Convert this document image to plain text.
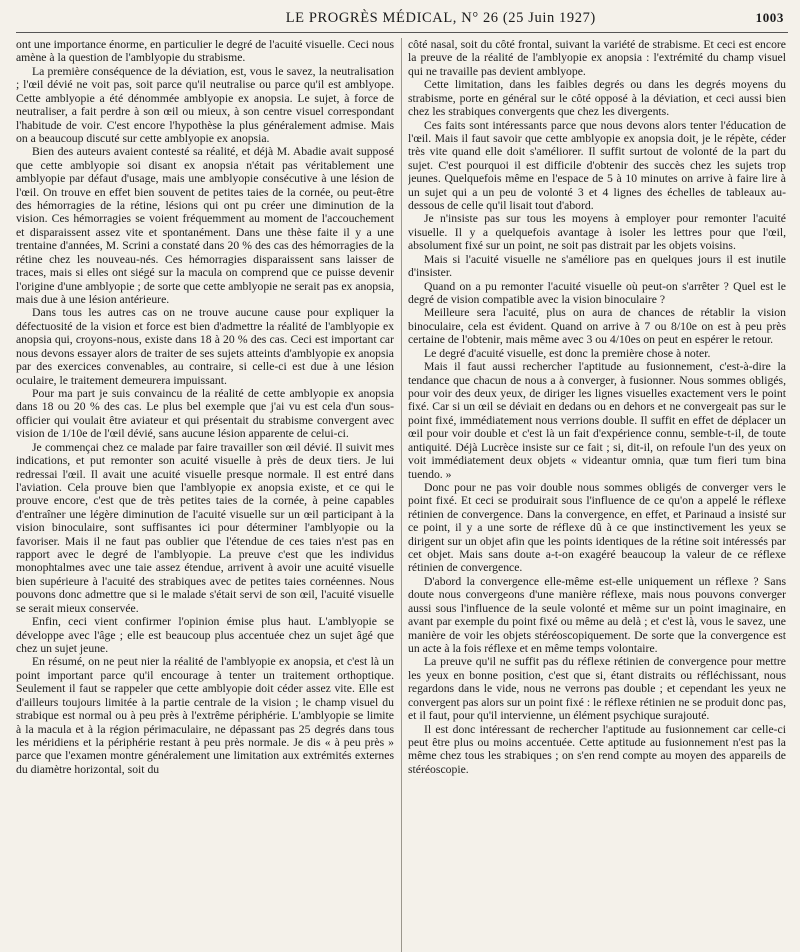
LE PROGRÈS MÉDICAL, N° 26 (25 Juin 1927)	1003

ont une importance énorme, en particulier le degré de l'acuité visuelle. Ceci nous amène à la question de l'amblyopie du strabisme.

La première conséquence de la déviation, est, vous le savez, la neutralisation ; l'œil dévié ne voit pas, soit parce qu'il neutralise ou parce qu'il est amblyope. Cette amblyopie a été dénommée amblyopie ex anopsia. Le sujet, à force de neutraliser, a fait perdre à son œil ou mieux, à son centre visuel correspondant l'habitude de voir. C'est encore l'hypothèse la plus généralement admise. Mais on a beaucoup discuté sur cette amblyopie ex anopsia.

Bien des auteurs avaient contesté sa réalité, et déjà M. Abadie avait supposé que cette amblyopie soi disant ex anopsia n'était pas véritablement une amblyopie par défaut d'usage, mais une amblyopie consécutive à une lésion de l'œil. On trouve en effet bien souvent de petites taies de la cornée, ou peut-être des hémorragies de la rétine, lésions qui ont pu créer une diminution de la vision. Ces hémorragies se voient fréquemment au moment de l'accouchement et disparaissent assez vite et spontanément. Dans une thèse faite il y a une trentaine d'années, M. Scrini a constaté dans 20 % des cas des hémorragies de la rétine chez les nouveau-nés. Ces hémorragies disparaissent sans laisser de traces, mais si elles ont siégé sur la macula on comprend que ce puisse devenir l'origine d'une amblyopie ; de sorte que cette amblyopie ne serait pas ex anopsia, mais due à une lésion antérieure.

Dans tous les autres cas on ne trouve aucune cause pour expliquer la défectuosité de la vision et force est bien d'admettre la réalité de l'amblyopie ex anopsia qui, croyons-nous, existe dans 18 à 20 % des cas. Ceci est important car nous devons essayer alors de traiter de ses sujets atteints d'amblyopie ex anopsia par des exercices convenables, au contraire, si celle-ci est due à une lésion oculaire, le traitement demeurera impuissant.

Pour ma part je suis convaincu de la réalité de cette amblyopie ex anopsia dans 18 ou 20 % des cas. Le plus bel exemple que j'ai vu est cela d'un sous-officier qui voulait être aviateur et qui présentait du strabisme convergent avec vision de 1/10e de l'œil dévié, sans aucune lésion apparente de celui-ci.

Je commençai chez ce malade par faire travailler son œil dévié. Il suivit mes indications, et put remonter son acuité visuelle à près de deux tiers. Je lui redressai l'œil. Il avait une acuité visuelle presque normale. Il est entré dans l'aviation. Cela prouve bien que l'amblyopie ex anopsia existe, et ce qui le prouve encore, c'est que de très petites taies de la cornée, à peine capables d'entraîner une légère diminution de l'acuité visuelle sur un œil participant à la vision binoculaire, sont suffisantes ici pour déterminer l'amblyopie ou la favoriser. Mais il ne faut pas oublier que l'étendue de ces taies n'est pas en rapport avec le degré de l'amblyopie. La preuve c'est que les individus monophtalmes avec une taie assez étendue, arrivent à avoir une acuité visuelle bien supérieure à l'acuité des strabiques avec de petites taies cornéennes. Nous pouvons donc admettre que si le malade s'était servi de son œil, l'acuité visuelle se serait mieux conservée.

Enfin, ceci vient confirmer l'opinion émise plus haut. L'amblyopie se développe avec l'âge ; elle est beaucoup plus accentuée chez un sujet âgé que chez un sujet jeune.

En résumé, on ne peut nier la réalité de l'amblyopie ex anopsia, et c'est là un point important parce qu'il encourage à tenter un traitement orthoptique. Seulement il faut se rappeler que cette amblyopie doit céder assez vite. Elle est d'ailleurs toujours limitée à la partie centrale de la vision ; le champ visuel du strabique est normal ou à peu près à l'extrême périphérie. L'amblyopie se limite à la macula et à la région périmaculaire, ne dépassant pas 25 degrés dans tous les méridiens et la périphérie restant à peu près normale. Je dis « à peu près » parce que l'examen montre généralement une limitation aux extrémités externes du diamètre horizontal, soit du

côté nasal, soit du côté frontal, suivant la variété de strabisme. Et ceci est encore la preuve de la réalité de l'amblyopie ex anopsia : l'extrémité du champ visuel qui ne travaille pas devient amblyope.

Cette limitation, dans les faibles degrés ou dans les degrés moyens du strabisme, porte en général sur le côté opposé à la déviation, et ceci aussi bien chez les strabiques convergents que chez les divergents.

Ces faits sont intéressants parce que nous devons alors tenter l'éducation de l'œil. Mais il faut savoir que cette amblyopie ex anopsia doit, je le répète, céder très vite quand elle doit s'améliorer. Il suffit surtout de volonté de la part du sujet. C'est pourquoi il est difficile d'obtenir des succès chez les sujets trop jeunes. Quelquefois même en l'espace de 5 à 10 minutes on arrive à faire lire à un sujet qui a un peu de volonté 3 et 4 lignes des échelles de tableaux au-dessous de celle qu'il lisait tout d'abord.

Je n'insiste pas sur tous les moyens à employer pour remonter l'acuité visuelle. Il y a quelquefois avantage à isoler les lettres pour que l'œil, absolument fixé sur un point, ne soit pas distrait par les objets voisins.

Mais si l'acuité visuelle ne s'améliore pas en quelques jours il est inutile d'insister.

Quand on a pu remonter l'acuité visuelle où peut-on s'arrêter ? Quel est le degré de vision compatible avec la vision binoculaire ?

Meilleure sera l'acuité, plus on aura de chances de rétablir la vision binoculaire, cela est évident. Quand on arrive à 7 ou 8/10e on est à peu près certaine de l'obtenir, mais même avec 3 ou 4/10es on peut en espérer le retour.

Le degré d'acuité visuelle, est donc la première chose à noter.

Mais il faut aussi rechercher l'aptitude au fusionnement, c'est-à-dire la tendance que chacun de nous a à converger, à fusionner. Nous sommes obligés, pour voir des deux yeux, de diriger les lignes visuelles exactement vers le point fixé. Car si un œil se déviait en dedans ou en dehors et ne convergeait pas sur le point fixé, immédiatement nous verrions double. Il suffit en effet de déplacer un œil pour voir double et c'est là un fait d'expérience connu, semble-t-il, de toute antiquité. Déjà Lucrèce insiste sur ce fait ; si, dit-il, on refoule l'un des yeux on voit immédiatement deux objets « videantur omnia, quæ tum fieri tum bina tuendo. »

Donc pour ne pas voir double nous sommes obligés de converger vers le point fixé. Et ceci se produirait sous l'influence de ce qu'on a appelé le réflexe rétinien de convergence. Dans la convergence, en effet, et Parinaud a insisté sur ce point, il y a une sorte de réflexe dû à ce que instinctivement les yeux se dirigent sur un objet afin que les points identiques de la rétine soit intéressés par cet objet. Mais sans doute a-t-on exagéré beaucoup la valeur de ce réflexe rétinien de convergence.

D'abord la convergence elle-même est-elle uniquement un réflexe ? Sans doute nous convergeons d'une manière réflexe, mais nous pouvons converger aussi sous l'influence de la seule volonté et même sur un point imaginaire, en avant par exemple du point fixé ou même au delà ; et c'est là, vous le savez, une manière de voir les objets stéréoscopiquement. De sorte que la convergence est un acte à la fois réflexe et en même temps volontaire.

La preuve qu'il ne suffit pas du réflexe rétinien de convergence pour mettre les yeux en bonne position, c'est que si, étant distraits ou réfléchissant, nous regardons dans le vide, nous ne verrons pas double ; et cependant les yeux ne convergent pas alors sur un point fixé : le réflexe rétinien ne se produit donc pas, et il faut, pour qu'il intervienne, un élément psychique surajouté.

Il est donc intéressant de rechercher l'aptitude au fusionnement car celle-ci peut être plus ou moins accentuée. Cette aptitude au fusionnement n'est pas la même chez tous les strabiques ; on s'en rend compte au moyen des appareils de stéréoscopie.
